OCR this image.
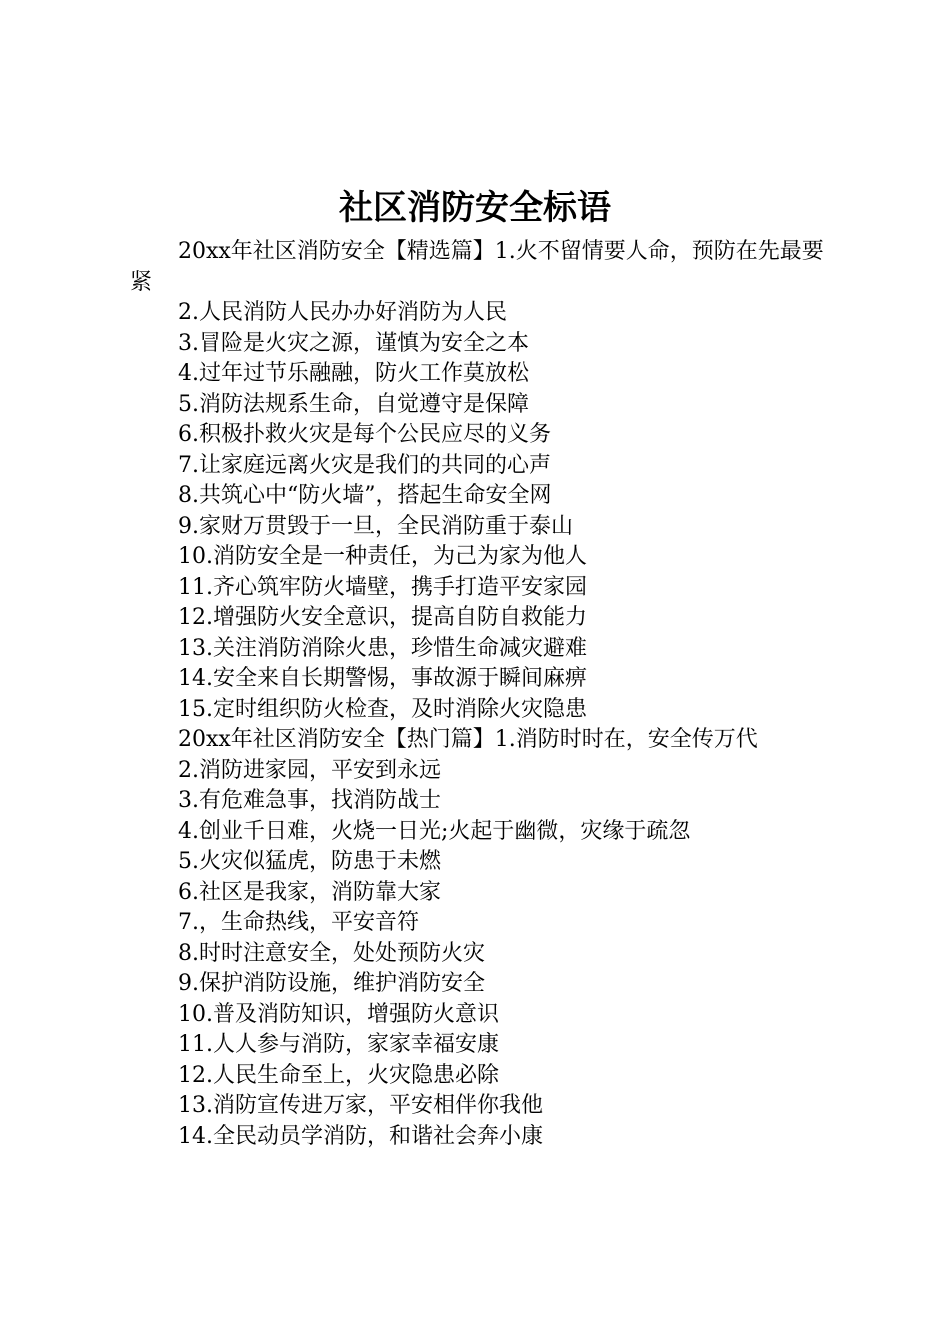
社区消防安全标语

20xx年社区消防安全【精选篇】1.火不留情要人命，预防在先最要紧

2.人民消防人民办办好消防为人民

3.冒险是火灾之源，谨慎为安全之本

4.过年过节乐融融，防火工作莫放松

5.消防法规系生命，自觉遵守是保障

6.积极扑救火灾是每个公民应尽的义务

7.让家庭远离火灾是我们的共同的心声

8.共筑心中“防火墙”，搭起生命安全网

9.家财万贯毁于一旦，全民消防重于泰山

10.消防安全是一种责任，为己为家为他人

11.齐心筑牢防火墙壁，携手打造平安家园

12.增强防火安全意识，提高自防自救能力

13.关注消防消除火患，珍惜生命减灾避难

14.安全来自长期警惕，事故源于瞬间麻痹

15.定时组织防火检查，及时消除火灾隐患

20xx年社区消防安全【热门篇】1.消防时时在，安全传万代

2.消防进家园，平安到永远

3.有危难急事，找消防战士

4.创业千日难，火烧一日光;火起于幽微，灾缘于疏忽

5.火灾似猛虎，防患于未燃

6.社区是我家，消防靠大家

7.，生命热线，平安音符

8.时时注意安全，处处预防火灾

9.保护消防设施，维护消防安全

10.普及消防知识，增强防火意识

11.人人参与消防，家家幸福安康

12.人民生命至上，火灾隐患必除

13.消防宣传进万家，平安相伴你我他

14.全民动员学消防，和谐社会奔小康
